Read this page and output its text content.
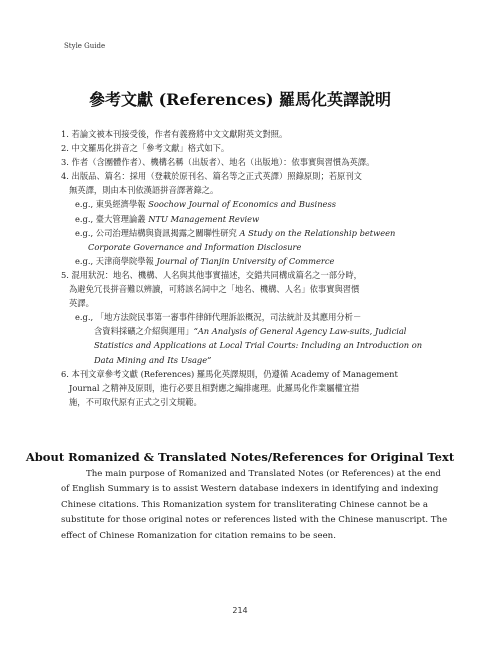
Style Guide
參考文獻 (References) 羅馬化英譯說明
1. 若論文被本刊接受後，作者有義務將中文文獻附英文對照。
2. 中文羅馬化拼音之「參考文獻」格式如下。
3. 作者（含團體作者）、機構名稱（出版者）、地名（出版地）：依事實與習慣為英譯。
4. 出版品、篇名：採用（登載於原刊名、篇名等之正式英譯）照錄原則；若原刊文
無英譯，則由本刊依漢語拼音譯著錄之。
e.g., 東吳經濟學報 Soochow Journal of Economics and Business
e.g., 臺大管理論叢 NTU Management Review
e.g., 公司治理結構與資訊揭露之關聯性研究 A Study on the Relationship between
Corporate Governance and Information Disclosure
e.g., 天津商學院學報 Journal of Tianjin University of Commerce
5. 混用狀況：地名、機構、人名與其他事實描述，交錯共同構成篇名之一部分時，
為避免冗長拼音難以辨讀，可將該名詞中之「地名、機構、人名」依事實與習慣
英譯。
e.g., 「地方法院民事第一審事件律師代理訴訟概況，司法統計及其應用分析－
含資料採礦之介紹與運用」“An Analysis of General Agency Law-suits, Judicial
Statistics and Applications at Local Trial Courts: Including an Introduction on
Data Mining and Its Usage”
6. 本刊文章參考文獻 (References) 羅馬化英譯規則，仍遵循 Academy of Management
Journal 之精神及原則，進行必要且相對應之編排處理。此羅馬化作業屬權宜措
施，不可取代原有正式之引文規範。
About Romanized & Translated Notes/References for Original Text
The main purpose of Romanized and Translated Notes (or References) at the end
of English Summary is to assist Western database indexers in identifying and indexing
Chinese citations. This Romanization system for transliterating Chinese cannot be a
substitute for those original notes or references listed with the Chinese manuscript. The
effect of Chinese Romanization for citation remains to be seen.
214
